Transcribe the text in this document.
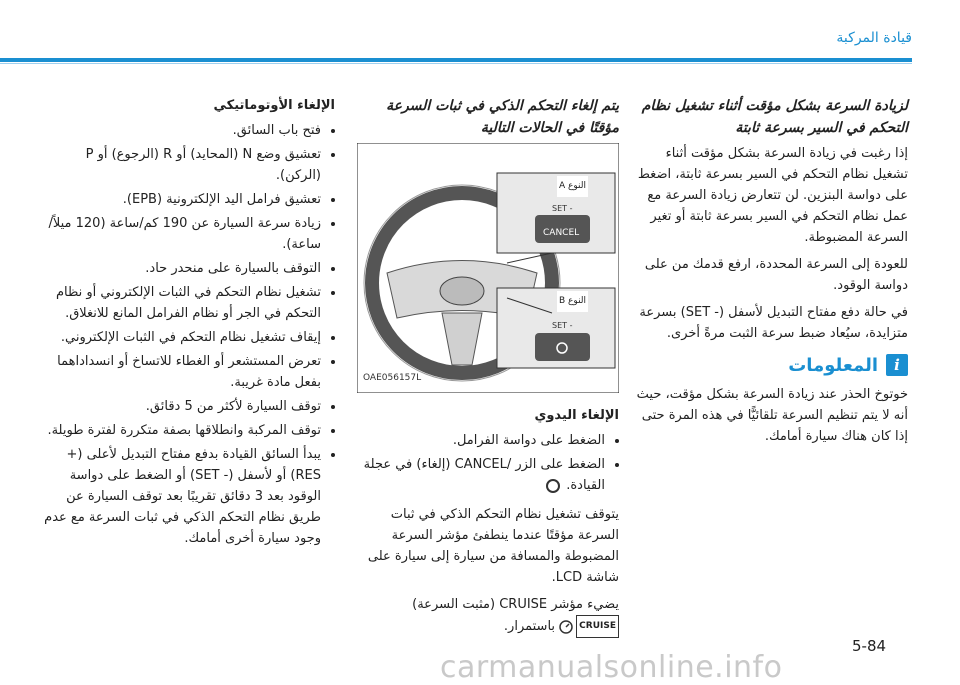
قيادة المركبة
لزيادة السرعة بشكل مؤقت أثناء تشغيل نظام التحكم في السير بسرعة ثابتة

إذا رغبت في زيادة السرعة بشكل مؤقت أثناء تشغيل نظام التحكم في السير بسرعة ثابتة، اضغط على دواسة البنزين. لن تتعارض زيادة السرعة مع عمل نظام التحكم في السير بسرعة ثابتة أو تغير السرعة المضبوطة.

للعودة إلى السرعة المحددة، ارفع قدمك من على دواسة الوقود.

في حالة دفع مفتاح التبديل لأسفل (- SET) بسرعة متزايدة، سيُعاد ضبط سرعة الثبت مرةً أخرى.

i
المعلومات

خوتوخ الحذر عند زيادة السرعة بشكل مؤقت، حيث أنه لا يتم تنظيم السرعة تلقائيًّا في هذه المرة حتى إذا كان هناك سيارة أمامك.

يتم إلغاء التحكم الذكي في ثبات السرعة مؤقتًا في الحالات التالية
النوع A
النوع B
SET -
CANCEL
SET -
OAE056157L
الإلغاء اليدوي
• الضغط على دواسة الفرامل.
• الضغط على الزر /CANCEL (إلغاء) في عجلة القيادة.

يتوقف تشغيل نظام التحكم الذكي في ثبات السرعة مؤقتًا عندما ينطفئ مؤشر السرعة المضبوطة والمسافة من سيارة إلى سيارة على شاشة LCD.

يضيء مؤشر CRUISE (مثبت السرعة)
CRUISE
باستمرار.

الإلغاء الأوتوماتيكي
• فتح باب السائق.
• تعشيق وضع N (المحايد) أو R (الرجوع) أو P (الركن).
• تعشيق فرامل اليد الإلكترونية (EPB).
• زيادة سرعة السيارة عن 190 كم/ساعة (120 ميلاً/ساعة).
• التوقف بالسيارة على منحدر حاد.
• تشغيل نظام التحكم في الثبات الإلكتروني أو نظام التحكم في الجر أو نظام الفرامل المانع للانغلاق.
• إيقاف تشغيل نظام التحكم في الثبات الإلكتروني.
• تعرض المستشعر أو الغطاء للاتساخ أو انسداداهما بفعل مادة غريبة.
• توقف السيارة لأكثر من 5 دقائق.
• توقف المركبة وانطلاقها بصفة متكررة لفترة طويلة.
• يبدأ السائق القيادة بدفع مفتاح التبديل لأعلى (+ RES) أو لأسفل (- SET) أو الضغط على دواسة الوقود بعد 3 دقائق تقريبًا بعد توقف السيارة عن طريق نظام التحكم الذكي في ثبات السرعة مع عدم وجود سيارة أخرى أمامك.
5-84
carmanualsonline.info
